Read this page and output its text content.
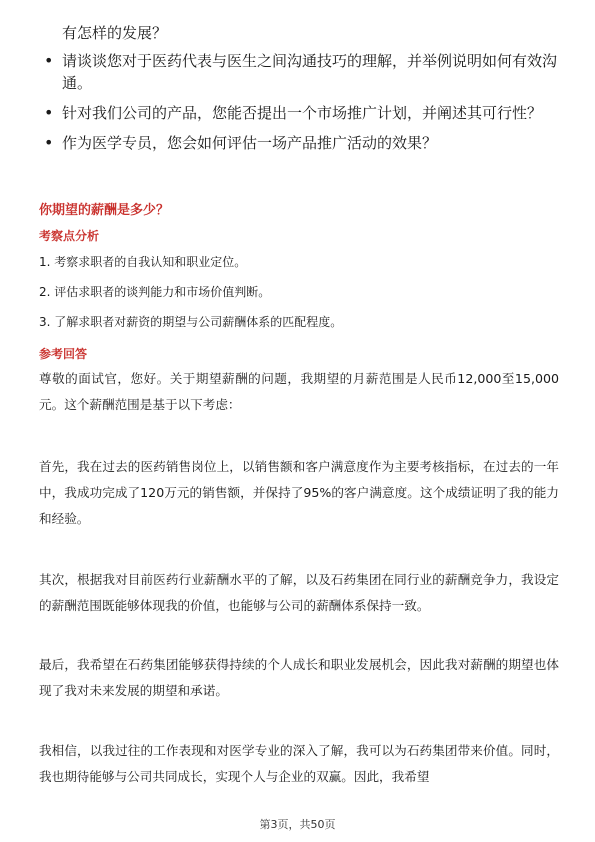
有怎样的发展？
• 请谈谈您对于医药代表与医生之间沟通技巧的理解，并举例说明如何有效沟通。
• 针对我们公司的产品，您能否提出一个市场推广计划，并阐述其可行性？
• 作为医学专员，您会如何评估一场产品推广活动的效果？
你期望的薪酬是多少？
考察点分析
1. 考察求职者的自我认知和职业定位。
2. 评估求职者的谈判能力和市场价值判断。
3. 了解求职者对薪资的期望与公司薪酬体系的匹配程度。
参考回答
尊敬的面试官，您好。关于期望薪酬的问题，我期望的月薪范围是人民币12,000至15,000元。这个薪酬范围是基于以下考虑：
首先，我在过去的医药销售岗位上，以销售额和客户满意度作为主要考核指标，在过去的一年中，我成功完成了120万元的销售额，并保持了95%的客户满意度。这个成绩证明了我的能力和经验。
其次，根据我对目前医药行业薪酬水平的了解，以及石药集团在同行业的薪酬竞争力，我设定的薪酬范围既能够体现我的价值，也能够与公司的薪酬体系保持一致。
最后，我希望在石药集团能够获得持续的个人成长和职业发展机会，因此我对薪酬的期望也体现了我对未来发展的期望和承诺。
我相信，以我过往的工作表现和对医学专业的深入了解，我可以为石药集团带来价值。同时，我也期待能够与公司共同成长，实现个人与企业的双赢。因此，我希望
第3页，共50页
